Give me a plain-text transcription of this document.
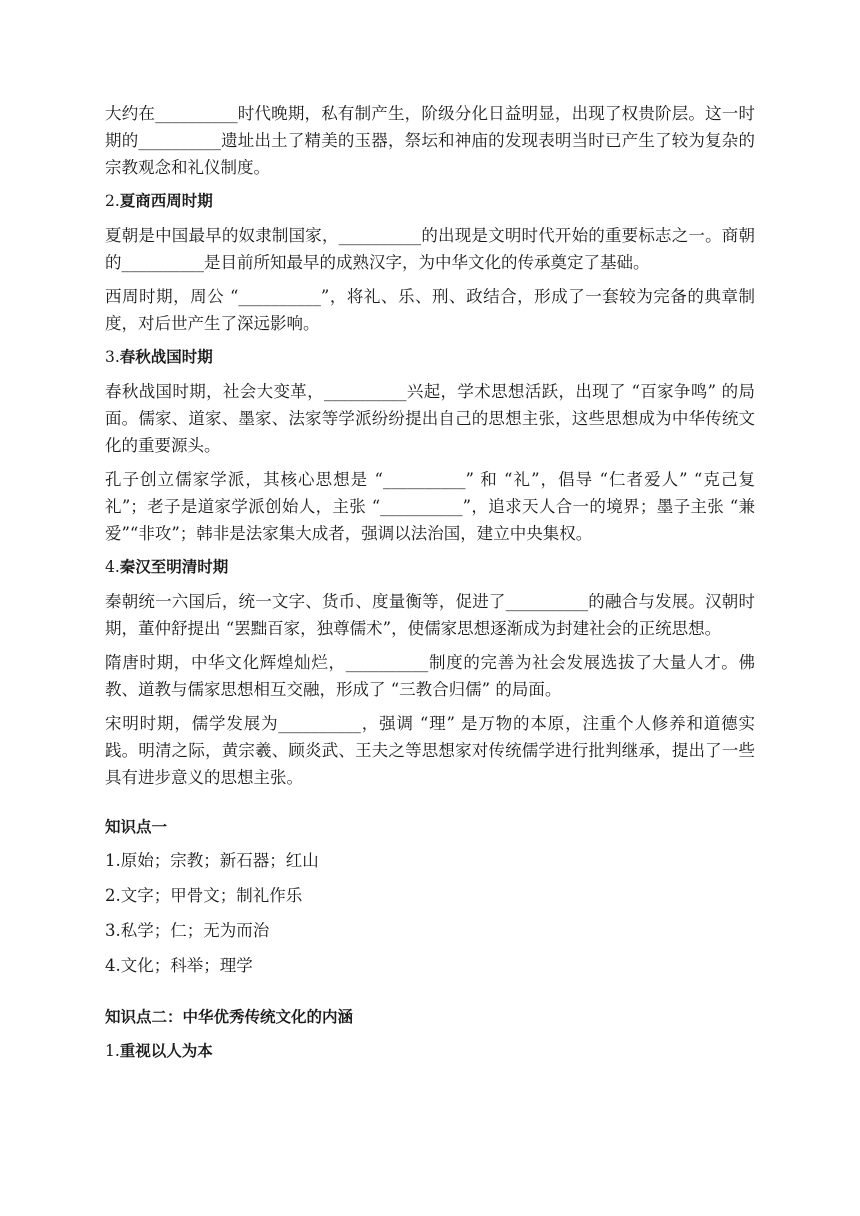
大约在__________时代晚期，私有制产生，阶级分化日益明显，出现了权贵阶层。这一时期的__________遗址出土了精美的玉器，祭坛和神庙的发现表明当时已产生了较为复杂的宗教观念和礼仪制度。

2.夏商西周时期

夏朝是中国最早的奴隶制国家，__________的出现是文明时代开始的重要标志之一。商朝的__________是目前所知最早的成熟汉字，为中华文化的传承奠定了基础。

西周时期，周公 “__________”，将礼、乐、刑、政结合，形成了一套较为完备的典章制度，对后世产生了深远影响。

3.春秋战国时期

春秋战国时期，社会大变革，__________兴起，学术思想活跃，出现了 “百家争鸣” 的局面。儒家、道家、墨家、法家等学派纷纷提出自己的思想主张，这些思想成为中华传统文化的重要源头。

孔子创立儒家学派，其核心思想是 “__________” 和 “礼”，倡导 “仁者爱人” “克己复礼”；老子是道家学派创始人，主张 “__________”，追求天人合一的境界；墨子主张 “兼爱”“非攻”；韩非是法家集大成者，强调以法治国，建立中央集权。

4.秦汉至明清时期

秦朝统一六国后，统一文字、货币、度量衡等，促进了__________的融合与发展。汉朝时期，董仲舒提出 “罢黜百家，独尊儒术”，使儒家思想逐渐成为封建社会的正统思想。

隋唐时期，中华文化辉煌灿烂，__________制度的完善为社会发展选拔了大量人才。佛教、道教与儒家思想相互交融，形成了 “三教合归儒” 的局面。

宋明时期，儒学发展为__________，强调 “理” 是万物的本原，注重个人修养和道德实践。明清之际，黄宗羲、顾炎武、王夫之等思想家对传统儒学进行批判继承，提出了一些具有进步意义的思想主张。

知识点一

1.原始；宗教；新石器；红山

2.文字；甲骨文；制礼作乐

3.私学；仁；无为而治

4.文化；科举；理学

知识点二：中华优秀传统文化的内涵
1.重视以人为本
